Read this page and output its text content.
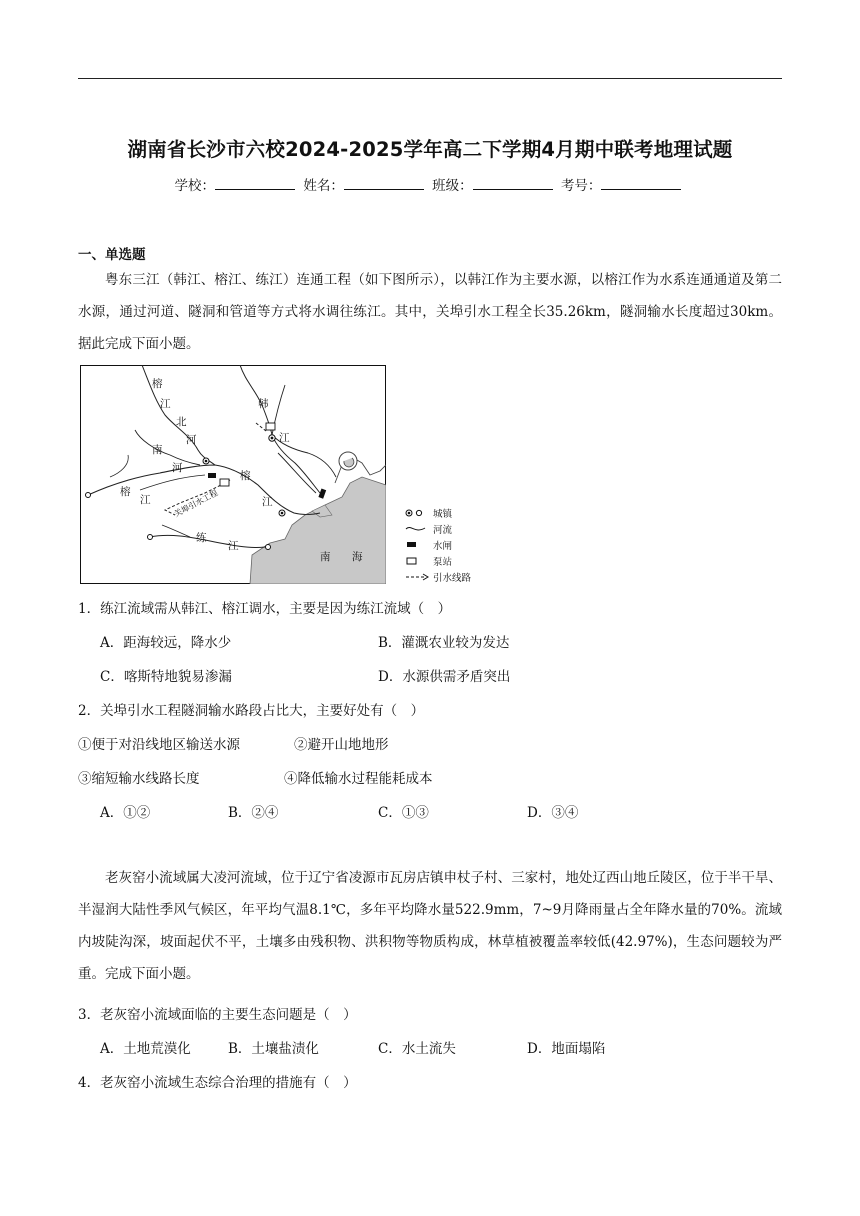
湖南省长沙市六校2024-2025学年高二下学期4月期中联考地理试题
学校：	姓名：	班级：	考号：
一、单选题

粤东三江（韩江、榕江、练江）连通工程（如下图所示），以韩江作为主要水源，以榕江作为水系连通通道及第二水源，通过河道、隧洞和管道等方式将水调往练江。其中，关埠引水工程全长35.26km，隧洞输水长度超过30km。据此完成下面小题。

榕
江
北
河
韩
江
南
河
榕
江
榕
江	关埠引水工程
练
江
南 海
城镇
河流
水闸
泵站
引水线路
1．练江流域需从韩江、榕江调水，主要是因为练江流域（　）
A．距海较远，降水少	B．灌溉农业较为发达
C．喀斯特地貌易渗漏	D．水源供需矛盾突出
2．关埠引水工程隧洞输水路段占比大，主要好处有（　）
①便于对沿线地区输送水源	②避开山地地形
③缩短输水线路长度	④降低输水过程能耗成本
A．①②	B．②④	C．①③	D．③④

老灰窑小流域属大凌河流域，位于辽宁省凌源市瓦房店镇申杖子村、三家村，地处辽西山地丘陵区，位于半干旱、半湿润大陆性季风气候区，年平均气温8.1℃，多年平均降水量522.9mm，7~9月降雨量占全年降水量的70%。流域内坡陡沟深，坡面起伏不平，土壤多由残积物、洪积物等物质构成，林草植被覆盖率较低(42.97%)，生态问题较为严重。完成下面小题。

3．老灰窑小流域面临的主要生态问题是（　）
A．土地荒漠化	B．土壤盐渍化	C．水土流失	D．地面塌陷
4．老灰窑小流域生态综合治理的措施有（　）
